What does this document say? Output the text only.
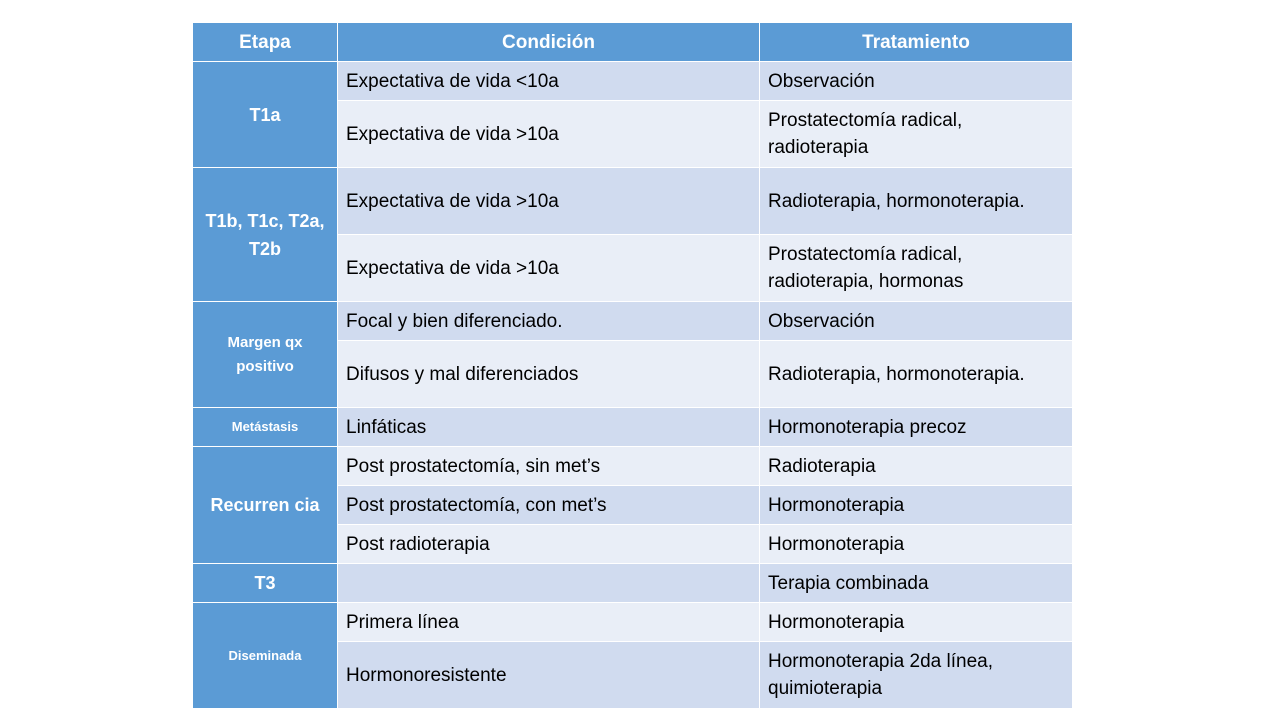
Etapa	Condición	Tratamiento
T1a	Expectativa de vida <10a	Observación
	Expectativa de vida >10a	Prostatectomía radical, radioterapia
T1b, T1c, T2a, T2b	Expectativa de vida >10a	Radioterapia, hormonoterapia.
	Expectativa de vida >10a	Prostatectomía radical, radioterapia, hormonas
Margen qx positivo	Focal y bien diferenciado.	Observación
	Difusos y mal diferenciados	Radioterapia, hormonoterapia.
Metástasis	Linfáticas	Hormonoterapia precoz
Recurren cia	Post prostatectomía, sin met’s	Radioterapia
	Post prostatectomía, con met’s	Hormonoterapia
	Post radioterapia	Hormonoterapia
T3		Terapia combinada
Diseminada	Primera línea	Hormonoterapia
	Hormonoresistente	Hormonoterapia 2da línea, quimioterapia
